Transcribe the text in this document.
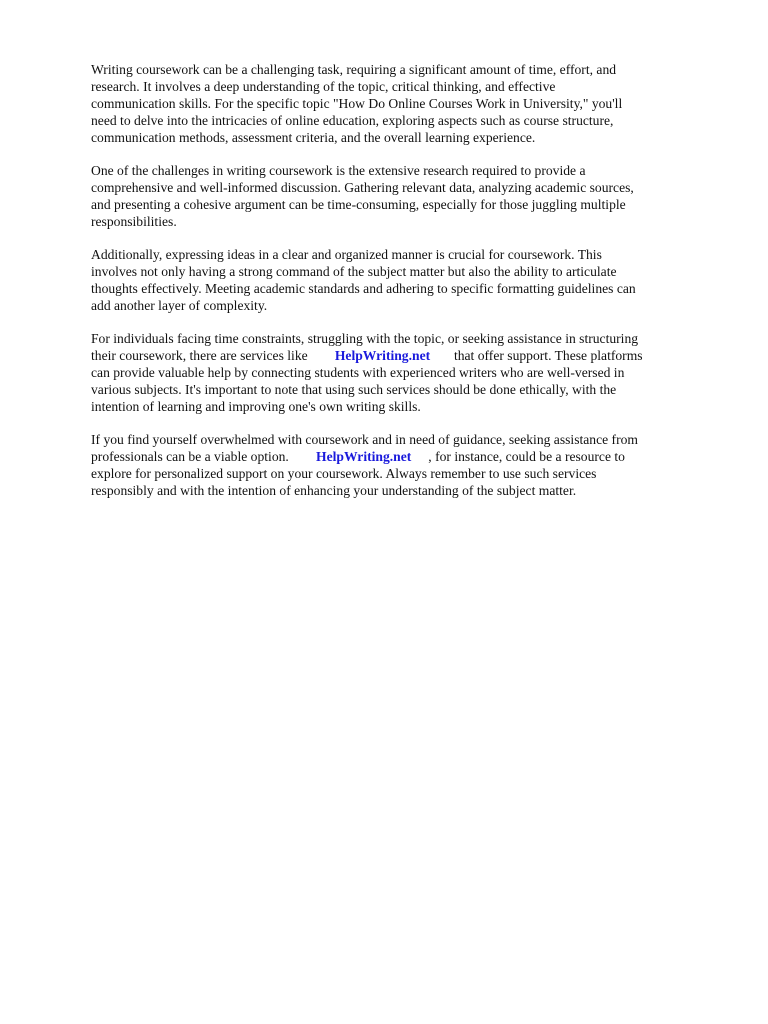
Writing coursework can be a challenging task, requiring a significant amount of time, effort, and
research. It involves a deep understanding of the topic, critical thinking, and effective
communication skills. For the specific topic "How Do Online Courses Work in University," you'll
need to delve into the intricacies of online education, exploring aspects such as course structure,
communication methods, assessment criteria, and the overall learning experience.

One of the challenges in writing coursework is the extensive research required to provide a
comprehensive and well-informed discussion. Gathering relevant data, analyzing academic sources,
and presenting a cohesive argument can be time-consuming, especially for those juggling multiple
responsibilities.

Additionally, expressing ideas in a clear and organized manner is crucial for coursework. This
involves not only having a strong command of the subject matter but also the ability to articulate
thoughts effectively. Meeting academic standards and adhering to specific formatting guidelines can
add another layer of complexity.

For individuals facing time constraints, struggling with the topic, or seeking assistance in structuring
their coursework, there are services like HelpWriting.net that offer support. These platforms
can provide valuable help by connecting students with experienced writers who are well-versed in
various subjects. It's important to note that using such services should be done ethically, with the
intention of learning and improving one's own writing skills.

If you find yourself overwhelmed with coursework and in need of guidance, seeking assistance from
professionals can be a viable option. HelpWriting.net , for instance, could be a resource to
explore for personalized support on your coursework. Always remember to use such services
responsibly and with the intention of enhancing your understanding of the subject matter.
